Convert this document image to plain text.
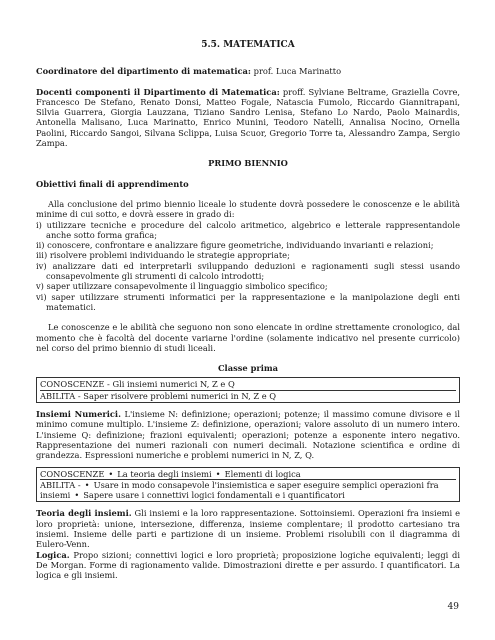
5.5. MATEMATICA

Coordinatore del dipartimento di matematica: prof. Luca Marinatto

Docenti componenti il Dipartimento di Matematica: proff. Sylviane Beltrame, Graziella Covre, Francesco De Stefano, Renato Donsi, Matteo Fogale, Natascia Fumolo, Riccardo Giannitrapani, Silvia Guarrera, Giorgia Lauzzana, Tiziano Sandro Lenisa, Stefano Lo Nardo, Paolo Mainardis, Antonella Malisano, Luca Marinatto, Enrico Munini, Teodoro Natelli, Annalisa Nocino, Ornella Paolini, Riccardo Sangoi, Silvana Sclippa, Luisa Scuor, Gregorio Torre ta, Alessandro Zampa, Sergio Zampa.

PRIMO BIENNIO

Obiettivi finali di apprendimento

Alla conclusione del primo biennio liceale lo studente dovrà possedere le conoscenze e le abilità minime di cui sotto, e dovrà essere in grado di:

i) utilizzare tecniche e procedure del calcolo aritmetico, algebrico e letterale rappresentandole anche sotto forma grafica;
ii) conoscere, confrontare e analizzare figure geometriche, individuando invarianti e relazioni;
iii) risolvere problemi individuando le strategie appropriate;
iv) analizzare dati ed interpretarli sviluppando deduzioni e ragionamenti sugli stessi usando consapevolmente gli strumenti di calcolo introdotti;
v) saper utilizzare consapevolmente il linguaggio simbolico specifico;
vi) saper utilizzare strumenti informatici per la rappresentazione e la manipolazione degli enti matematici.

Le conoscenze e le abilità che seguono non sono elencate in ordine strettamente cronologico, dal momento che è facoltà del docente variarne l'ordine (solamente indicativo nel presente curricolo) nel corso del primo biennio di studi liceali.

Classe prima
CONOSCENZE - Gli insiemi numerici N, Z e Q
ABILITA - Saper risolvere problemi numerici in N, Z e Q

Insiemi Numerici. L'insieme N: definizione; operazioni; potenze; il massimo comune divisore e il minimo comune multiplo. L'insieme Z: definizione, operazioni; valore assoluto di un numero intero. L'insieme Q: definizione; frazioni equivalenti; operazioni; potenze a esponente intero negativo. Rappresentazione dei numeri razionali con numeri decimali. Notazione scientifica e ordine di grandezza. Espressioni numeriche e problemi numerici in N, Z, Q.

CONOSCENZE • La teoria degli insiemi • Elementi di logica
ABILITA - • Usare in modo consapevole l'insiemistica e saper eseguire semplici operazioni fra insiemi • Sapere usare i connettivi logici fondamentali e i quantificatori

Teoria degli insiemi. Gli insiemi e la loro rappresentazione. Sottoinsiemi. Operazioni fra insiemi e loro proprietà: unione, intersezione, differenza, insieme complentare; il prodotto cartesiano tra insiemi. Insieme delle parti e partizione di un insieme. Problemi risolubili con il diagramma di Eulero-Venn.

Logica. Propo sizioni; connettivi logici e loro proprietà; proposizione logiche equivalenti; leggi di De Morgan. Forme di ragionamento valide. Dimostrazioni dirette e per assurdo. I quantificatori. La logica e gli insiemi.

49
